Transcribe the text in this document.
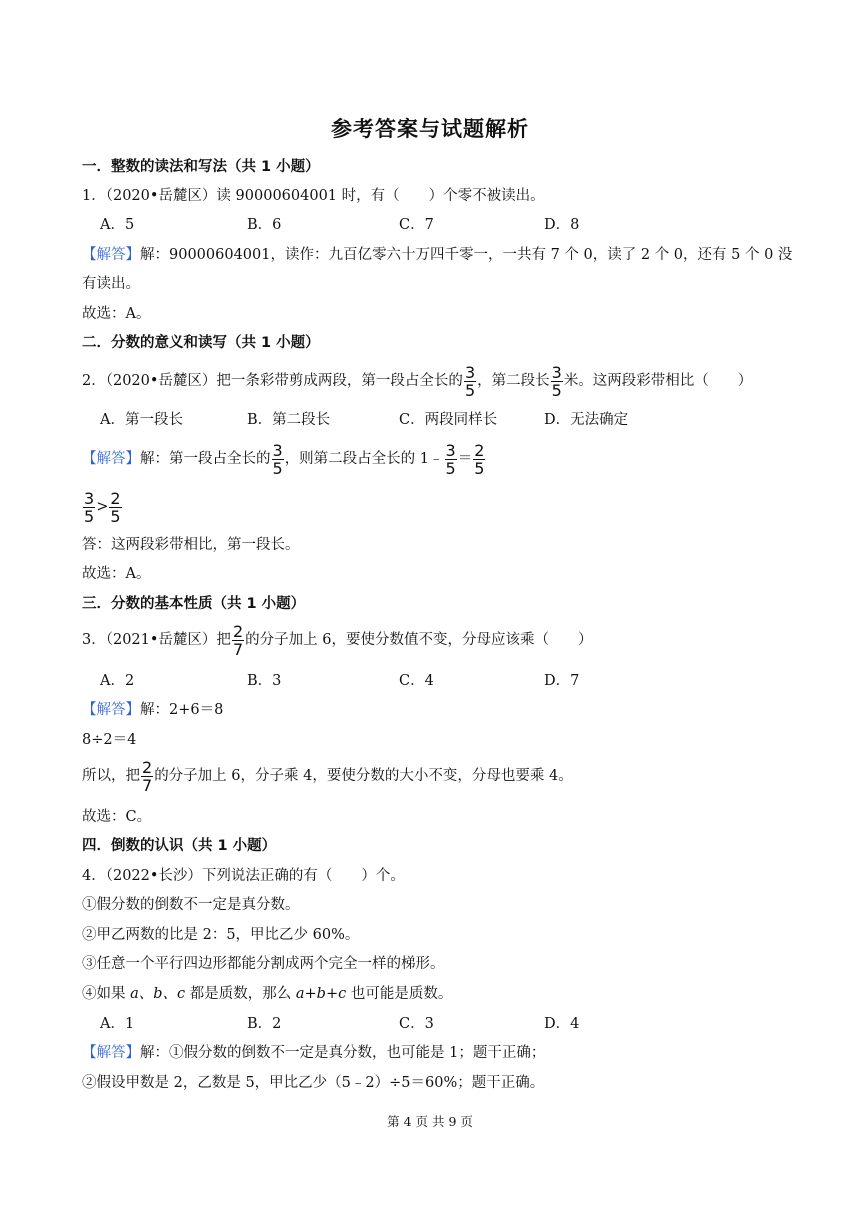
参考答案与试题解析
一．整数的读法和写法（共 1 小题）
1．（2020•岳麓区）读 90000604001 时，有（　　）个零不被读出。
A．5	B．6	C．7	D．8
【解答】解：90000604001，读作：九百亿零六十万四千零一，一共有 7 个 0，读了 2 个 0，还有 5 个 0 没
有读出。
故选：A。
二．分数的意义和读写（共 1 小题）
2．（2020•岳麓区）把一条彩带剪成两段，第一段占全长的 $\frac{3}{5}$ ，第二段长 $\frac{3}{5}$ 米。这两段彩带相比（　　）
A．第一段长	B．第二段长	C．两段同样长	D．无法确定
【解答】解：第一段占全长的 $\frac{3}{5}$ ，则第二段占全长的 1﹣ $\frac{3}{5} = \frac{2}{5}$
$\frac{3}{5} > \frac{2}{5}$
答：这两段彩带相比，第一段长。
故选：A。
三．分数的基本性质（共 1 小题）
3．（2021•岳麓区）把 $\frac{2}{7}$ 的分子加上 6，要使分数值不变，分母应该乘（　　）
A．2	B．3	C．4	D．7
【解答】解：2+6＝8
8÷2＝4
所以，把 $\frac{2}{7}$ 的分子加上 6，分子乘 4，要使分数的大小不变，分母也要乘 4。
故选：C。
四．倒数的认识（共 1 小题）
4．（2022•长沙）下列说法正确的有（　　）个。
①假分数的倒数不一定是真分数。
②甲乙两数的比是 2：5，甲比乙少 60%。
③任意一个平行四边形都能分割成两个完全一样的梯形。
④如果 a、b、c 都是质数，那么 a+b+c 也可能是质数。
A．1	B．2	C．3	D．4
【解答】解：①假分数的倒数不一定是真分数，也可能是 1；题干正确；
②假设甲数是 2，乙数是 5，甲比乙少（5﹣2）÷5＝60%；题干正确。
第 4 页 共 9 页
